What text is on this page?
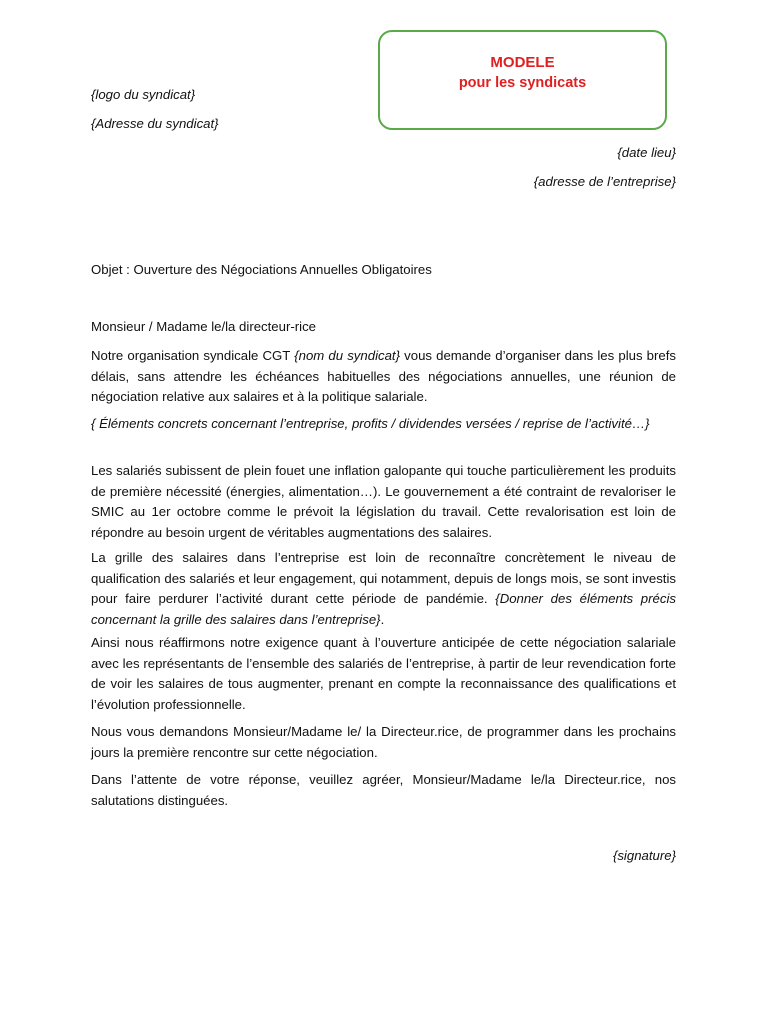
MODELE
pour les syndicats

{logo du syndicat}

{Adresse du syndicat}

{date lieu}

{adresse de l’entreprise}

Objet : Ouverture des Négociations Annuelles Obligatoires

Monsieur / Madame le/la directeur-rice

Notre organisation syndicale CGT {nom du syndicat} vous demande d’organiser dans les plus brefs délais, sans attendre les échéances habituelles des négociations annuelles, une réunion de négociation relative aux salaires et à la politique salariale.

{ Éléments concrets concernant l’entreprise, profits / dividendes versées / reprise de l’activité…}

Les salariés subissent de plein fouet une inflation galopante qui touche particulièrement les produits de première nécessité (énergies, alimentation…). Le gouvernement a été contraint de revaloriser le SMIC au 1er octobre comme le prévoit la législation du travail. Cette revalorisation est loin de répondre au besoin urgent de véritables augmentations des salaires.

La grille des salaires dans l’entreprise est loin de reconnaître concrètement le niveau de qualification des salariés et leur engagement, qui notamment, depuis de longs mois, se sont investis pour faire perdurer l’activité durant cette période de pandémie. {Donner des éléments précis concernant la grille des salaires dans l’entreprise}.

Ainsi nous réaffirmons notre exigence quant à l’ouverture anticipée de cette négociation salariale avec les représentants de l’ensemble des salariés de l’entreprise, à partir de leur revendication forte de voir les salaires de tous augmenter, prenant en compte la reconnaissance des qualifications et l’évolution professionnelle.

Nous vous demandons Monsieur/Madame le/ la Directeur.rice, de programmer dans les prochains jours la première rencontre sur cette négociation.

Dans l’attente de votre réponse, veuillez agréer, Monsieur/Madame le/la Directeur.rice, nos salutations distinguées.

{signature}
